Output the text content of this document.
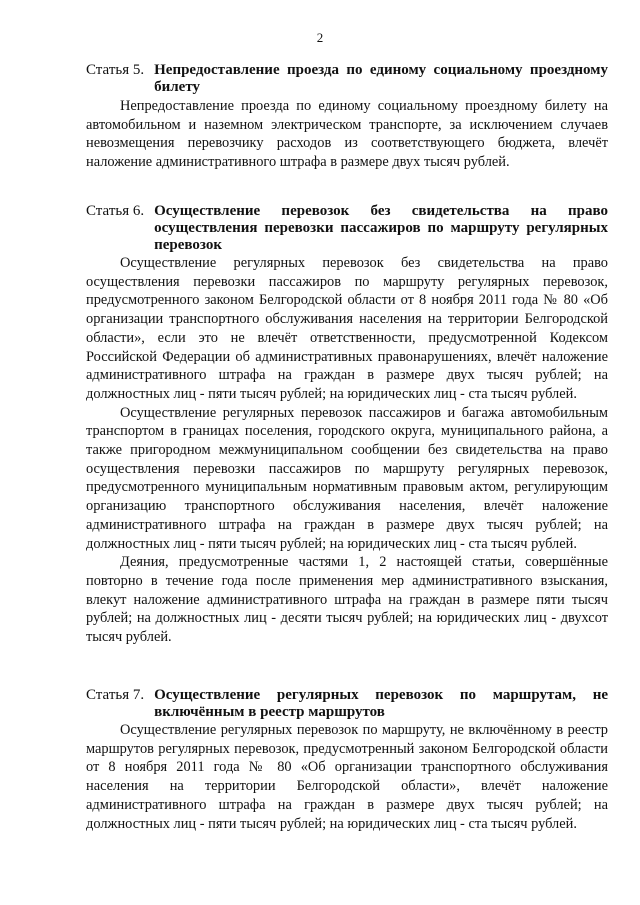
2
Статья 5. Непредоставление проезда по единому социальному проездному билету

Непредоставление проезда по единому социальному проездному билету на автомобильном и наземном электрическом транспорте, за исключением случаев невозмещения перевозчику расходов из соответствующего бюджета, влечёт наложение административного штрафа в размере двух тысяч рублей.

Статья 6. Осуществление перевозок без свидетельства на право осуществления перевозки пассажиров по маршруту регулярных перевозок

Осуществление регулярных перевозок без свидетельства на право осуществления перевозки пассажиров по маршруту регулярных перевозок, предусмотренного законом Белгородской области от 8 ноября 2011 года № 80 «Об организации транспортного обслуживания населения на территории Белгородской области», если это не влечёт ответственности, предусмотренной Кодексом Российской Федерации об административных правонарушениях, влечёт наложение административного штрафа на граждан в размере двух тысяч рублей; на должностных лиц - пяти тысяч рублей; на юридических лиц - ста тысяч рублей.

Осуществление регулярных перевозок пассажиров и багажа автомобильным транспортом в границах поселения, городского округа, муниципального района, а также пригородном межмуниципальном сообщении без свидетельства на право осуществления перевозки пассажиров по маршруту регулярных перевозок, предусмотренного муниципальным нормативным правовым актом, регулирующим организацию транспортного обслуживания населения, влечёт наложение административного штрафа на граждан в размере двух тысяч рублей; на должностных лиц - пяти тысяч рублей; на юридических лиц - ста тысяч рублей.

Деяния, предусмотренные частями 1, 2 настоящей статьи, совершённые повторно в течение года после применения мер административного взыскания, влекут наложение административного штрафа на граждан в размере пяти тысяч рублей; на должностных лиц - десяти тысяч рублей; на юридических лиц - двухсот тысяч рублей.

Статья 7. Осуществление регулярных перевозок по маршрутам, не включённым в реестр маршрутов

Осуществление регулярных перевозок по маршруту, не включённому в реестр маршрутов регулярных перевозок, предусмотренный законом Белгородской области от 8 ноября 2011 года № 80 «Об организации транспортного обслуживания населения на территории Белгородской области», влечёт наложение административного штрафа на граждан в размере двух тысяч рублей; на должностных лиц - пяти тысяч рублей; на юридических лиц - ста тысяч рублей.
